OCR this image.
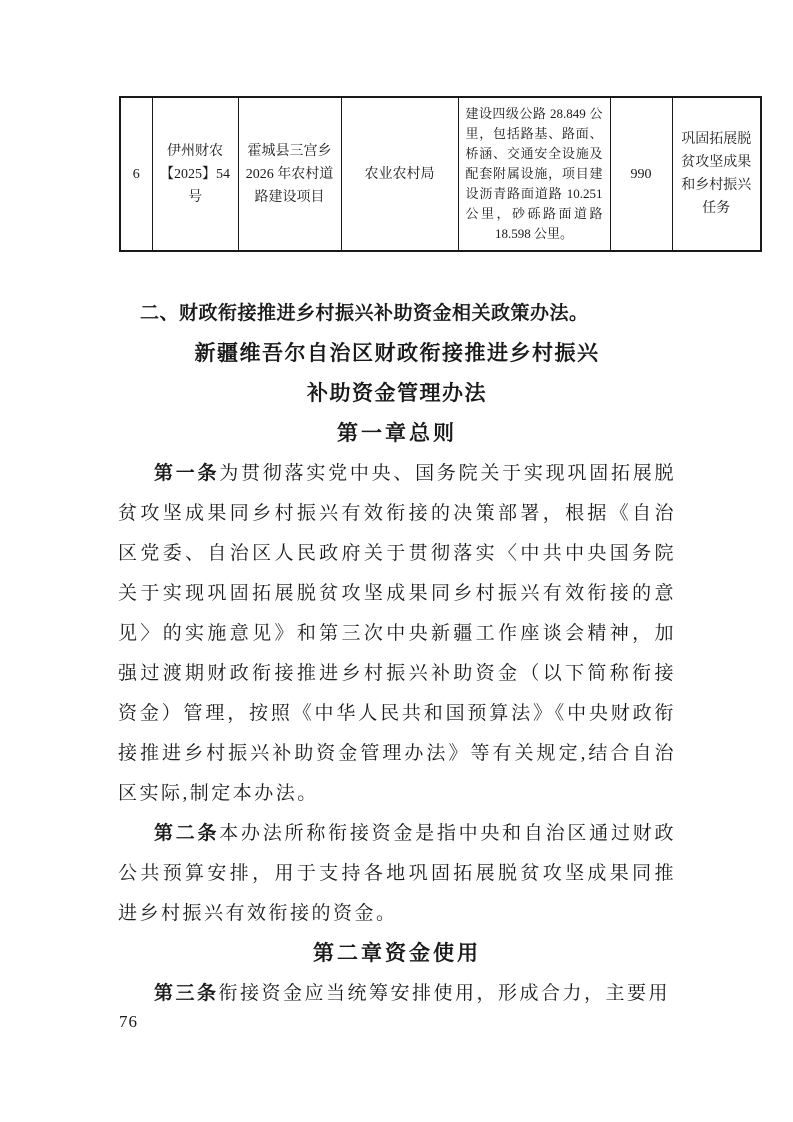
6	伊州财农【2025】54号	霍城县三宫乡2026 年农村道路建设项目	农业农村局	建设四级公路 28.849 公里，包括路基、路面、桥涵、交通安全设施及配套附属设施，项目建设沥青路面道路 10.251 公里，砂砾路面道路 18.598 公里。	990	巩固拓展脱贫攻坚成果和乡村振兴任务
二、财政衔接推进乡村振兴补助资金相关政策办法。
新疆维吾尔自治区财政衔接推进乡村振兴
补助资金管理办法
第一章总则

第一条为贯彻落实党中央、国务院关于实现巩固拓展脱贫攻坚成果同乡村振兴有效衔接的决策部署，根据《自治区党委、自治区人民政府关于贯彻落实〈中共中央国务院关于实现巩固拓展脱贫攻坚成果同乡村振兴有效衔接的意见〉的实施意见》和第三次中央新疆工作座谈会精神，加强过渡期财政衔接推进乡村振兴补助资金（以下简称衔接资金）管理，按照《中华人民共和国预算法》《中央财政衔接推进乡村振兴补助资金管理办法》等有关规定,结合自治区实际,制定本办法。

第二条本办法所称衔接资金是指中央和自治区通过财政公共预算安排，用于支持各地巩固拓展脱贫攻坚成果同推进乡村振兴有效衔接的资金。

第二章资金使用

第三条衔接资金应当统筹安排使用，形成合力，主要用

76
